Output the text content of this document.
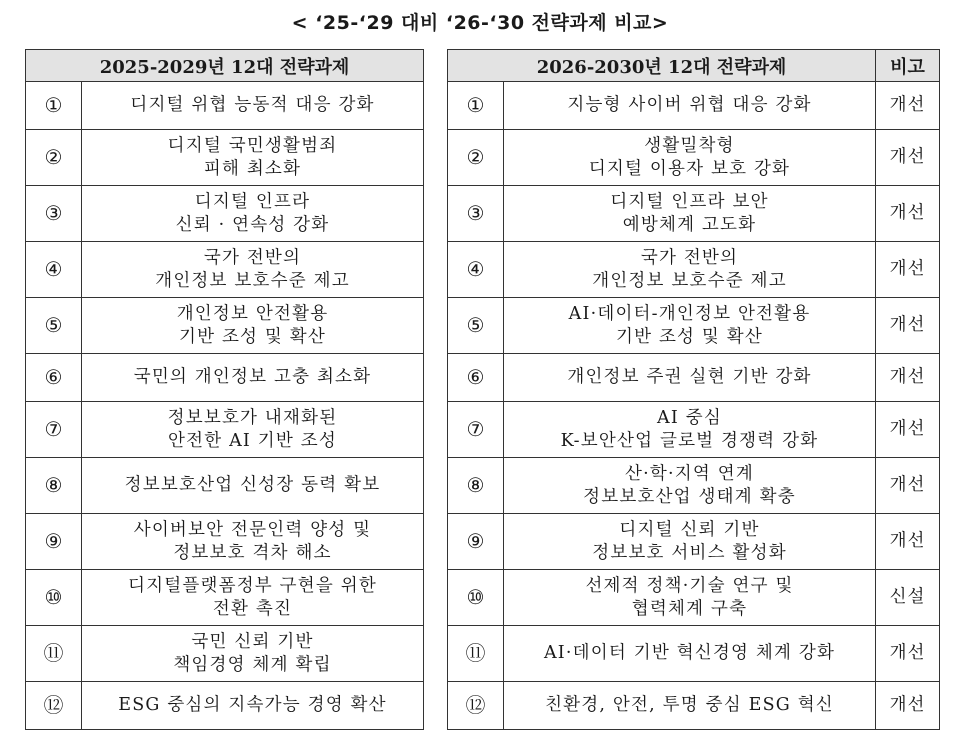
< ‘25-‘29 대비 ‘26-‘30 전략과제 비교>
2025-2029년 12대 전략과제	
①	디지털 위협 능동적 대응 강화
②	디지털 국민생활범죄
피해 최소화
③	디지털 인프라
신뢰 · 연속성 강화
④	국가 전반의
개인정보 보호수준 제고
⑤	개인정보 안전활용
기반 조성 및 확산
⑥	국민의 개인정보 고충 최소화
⑦	정보보호가 내재화된
안전한 AI 기반 조성
⑧	정보보호산업 신성장 동력 확보
⑨	사이버보안 전문인력 양성 및
정보보호 격차 해소
⑩	디지털플랫폼정부 구현을 위한
전환 촉진
⑪	국민 신뢰 기반
책임경영 체계 확립
⑫	ESG 중심의 지속가능 경영 확산
2026-2030년 12대 전략과제		비고
①	지능형 사이버 위협 대응 강화	개선
②	생활밀착형
디지털 이용자 보호 강화	개선
③	디지털 인프라 보안
예방체계 고도화	개선
④	국가 전반의
개인정보 보호수준 제고	개선
⑤	AI·데이터-개인정보 안전활용
기반 조성 및 확산	개선
⑥	개인정보 주권 실현 기반 강화	개선
⑦	AI 중심
K-보안산업 글로벌 경쟁력 강화	개선
⑧	산·학·지역 연계
정보보호산업 생태계 확충	개선
⑨	디지털 신뢰 기반
정보보호 서비스 활성화	개선
⑩	선제적 정책·기술 연구 및
협력체계 구축	신설
⑪	AI·데이터 기반 혁신경영 체계 강화	개선
⑫	친환경, 안전, 투명 중심 ESG 혁신	개선
